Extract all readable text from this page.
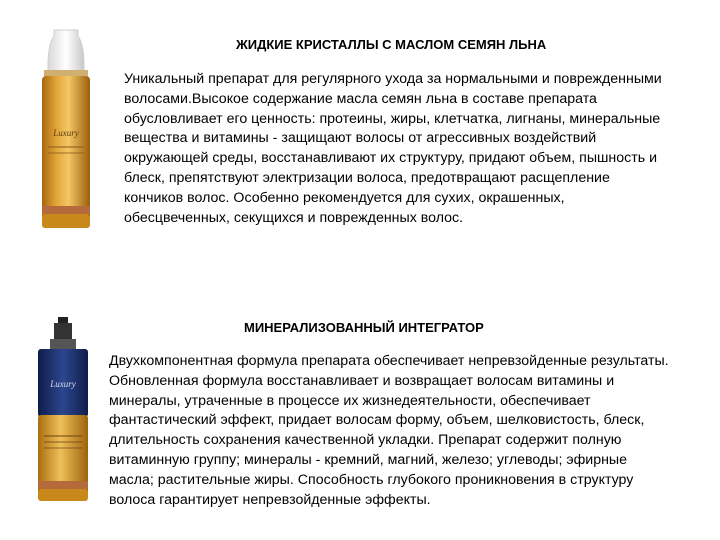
Luxury
ЖИДКИЕ КРИСТАЛЛЫ С МАСЛОМ СЕМЯН ЛЬНА
Уникальный препарат для регулярного ухода за нормальными и поврежденными
волосами.Высокое содержание масла семян льна в составе препарата
обусловливает его ценность: протеины, жиры, клетчатка, лигнаны, минеральные
вещества и витамины - защищают волосы от агрессивных воздействий
окружающей среды, восстанавливают их структуру, придают объем, пышность и
блеск, препятствуют электризации волоса, предотвращают расщепление
кончиков волос. Особенно рекомендуется для сухих, окрашенных,
обесцвеченных, секущихся и поврежденных волос.
Luxury
МИНЕРАЛИЗОВАННЫЙ ИНТЕГРАТОР
Двухкомпонентная формула препарата обеспечивает непревзойденные результаты.
Обновленная формула восстанавливает и возвращает волосам витамины и
минералы, утраченные в процессе их жизнедеятельности, обеспечивает
фантастический эффект, придает волосам форму, объем, шелковистость, блеск,
длительность сохранения качественной укладки. Препарат содержит полную
витаминную группу; минералы - кремний, магний, железо; углеводы; эфирные
масла; растительные жиры. Способность глубокого проникновения в структуру
волоса гарантирует непревзойденные эффекты.
